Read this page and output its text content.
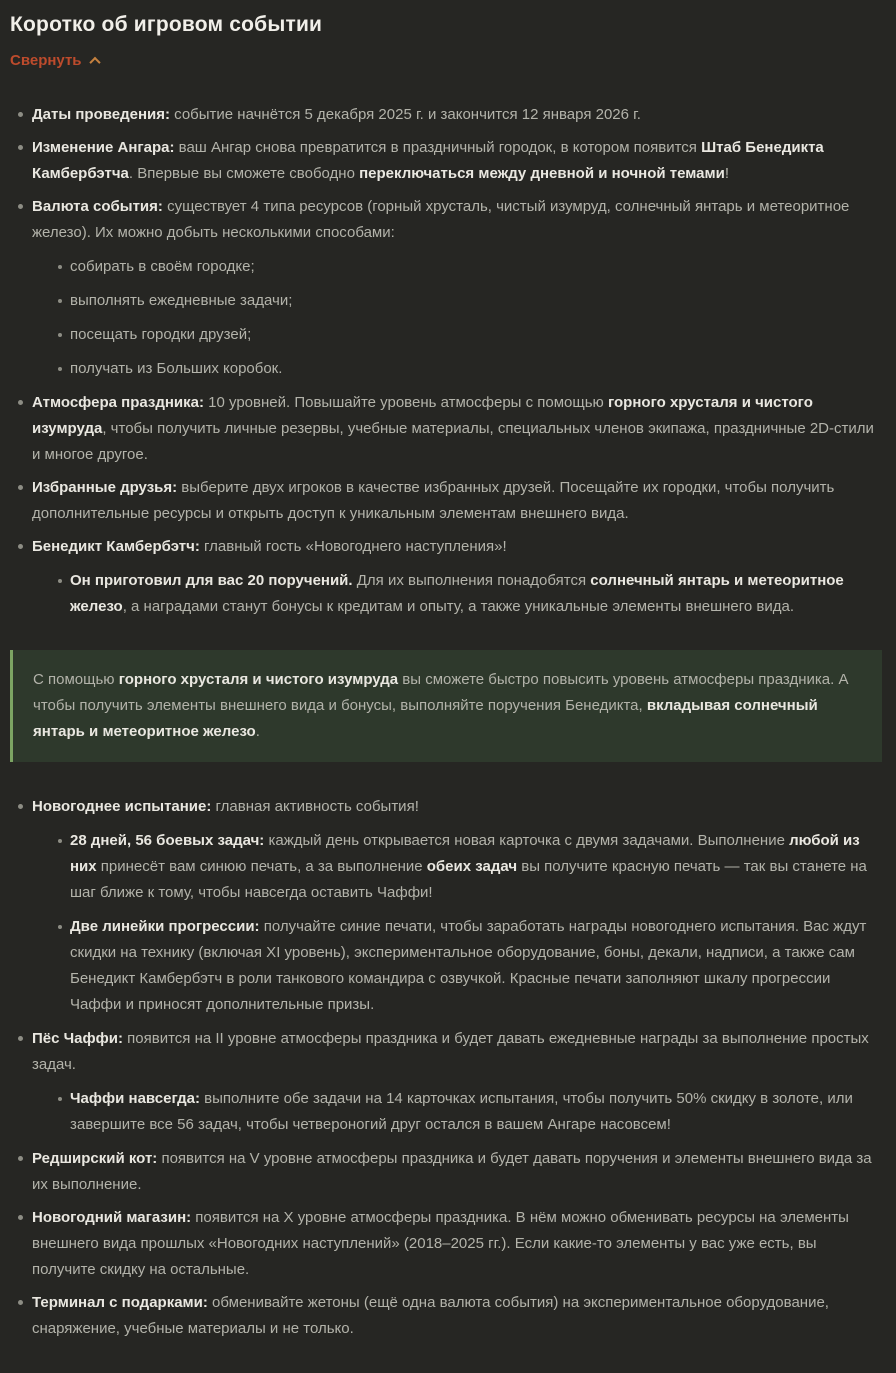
Коротко об игровом событии
Свернуть
Даты проведения: событие начнётся 5 декабря 2025 г. и закончится 12 января 2026 г.
Изменение Ангара: ваш Ангар снова превратится в праздничный городок, в котором появится Штаб Бенедикта Камбербэтча. Впервые вы сможете свободно переключаться между дневной и ночной темами!
Валюта события: существует 4 типа ресурсов (горный хрусталь, чистый изумруд, солнечный янтарь и метеоритное железо). Их можно добыть несколькими способами:
собирать в своём городке;
выполнять ежедневные задачи;
посещать городки друзей;
получать из Больших коробок.
Атмосфера праздника: 10 уровней. Повышайте уровень атмосферы с помощью горного хрусталя и чистого изумруда, чтобы получить личные резервы, учебные материалы, специальных членов экипажа, праздничные 2D-стили и многое другое.
Избранные друзья: выберите двух игроков в качестве избранных друзей. Посещайте их городки, чтобы получить дополнительные ресурсы и открыть доступ к уникальным элементам внешнего вида.
Бенедикт Камбербэтч: главный гость «Новогоднего наступления»!
Он приготовил для вас 20 поручений. Для их выполнения понадобятся солнечный янтарь и метеоритное железо, а наградами станут бонусы к кредитам и опыту, а также уникальные элементы внешнего вида.
С помощью горного хрусталя и чистого изумруда вы сможете быстро повысить уровень атмосферы праздника. А чтобы получить элементы внешнего вида и бонусы, выполняйте поручения Бенедикта, вкладывая солнечный янтарь и метеоритное железо.
Новогоднее испытание: главная активность события!
28 дней, 56 боевых задач: каждый день открывается новая карточка с двумя задачами. Выполнение любой из них принесёт вам синюю печать, а за выполнение обеих задач вы получите красную печать — так вы станете на шаг ближе к тому, чтобы навсегда оставить Чаффи!
Две линейки прогрессии: получайте синие печати, чтобы заработать награды новогоднего испытания. Вас ждут скидки на технику (включая XI уровень), экспериментальное оборудование, боны, декали, надписи, а также сам Бенедикт Камбербэтч в роли танкового командира с озвучкой. Красные печати заполняют шкалу прогрессии Чаффи и приносят дополнительные призы.
Пёс Чаффи: появится на II уровне атмосферы праздника и будет давать ежедневные награды за выполнение простых задач.
Чаффи навсегда: выполните обе задачи на 14 карточках испытания, чтобы получить 50% скидку в золоте, или завершите все 56 задач, чтобы четвероногий друг остался в вашем Ангаре насовсем!
Редширский кот: появится на V уровне атмосферы праздника и будет давать поручения и элементы внешнего вида за их выполнение.
Новогодний магазин: появится на X уровне атмосферы праздника. В нём можно обменивать ресурсы на элементы внешнего вида прошлых «Новогодних наступлений» (2018–2025 гг.). Если какие-то элементы у вас уже есть, вы получите скидку на остальные.
Терминал с подарками: обменивайте жетоны (ещё одна валюта события) на экспериментальное оборудование, снаряжение, учебные материалы и не только.
